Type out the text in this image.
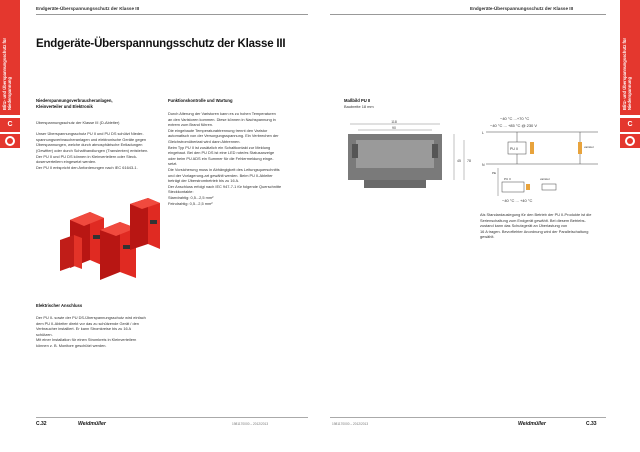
Blitz- und Überspannungsschutz für Niederspannung
C
Endgeräte-Überspannungsschutz der Klasse III
Endgeräte-Überspannungsschutz der Klasse III
Niederspannungsverbraucheranlagen,
Kleinverteiler und Elektronik
Überspannungsschutz der Klasse III (D-Ableiter)
Unser Überspannungsschutz PU II und PU DS schützt Nieder-
spannungsverbraucheranlagen und elektronische Geräte gegen
Überspannungen, welche durch atmosphärische Entladungen
(Gewitter) oder durch Schalthandlungen (Transienten) entstehen.
Der PU II und PU DS können in Kleinverteilern oder Steck-
dosenverteilern eingesetzt werden.
Der PU II entspricht den Anforderungen nach IEC 61643-1.
Elektrischer Anschluss
Der PU II- sowie der PU DS-Überspannungsschutz wird einfach
dem PU II-Ableiter direkt vor das zu schützende Gerät / den
Verbraucher installiert. Er kann Stromkreise bis zu 16 A
schützen.
Mit einer Installation für einen Stromkreis in Kleinverteilern
können z. B. Monitore geschützt werden.
Funktionskontrolle und Wartung
Durch Alterung der Varistoren kann es zu hohen Temperaturen
an den Varistoren kommen. Diese können in Nachspannung in
extrem zum Brand führen.
Die eingebaute Temperaturabtrennung trennt den Varistor
automatisch von der Versorgungsspannung. Ein Verbrechen der
Gleichstromüberlast wird dann Abtrennen.
Beim Typ PU II ist zusätzlich ein Schaltkontakt zur Meldung
eingebaut. Bei den PU DS ist eine LED rote/es Statusanzeige
oder beim PU ADS ein Summer für die Fehlermeldung einge-
setzt.
Die Vorsicherung muss in Abhängigkeit des Leitungsquerschnitts
und der Vorlagerung-art gewählt werden. Beim PU II-Ableiter
beträgt der Überstrombetrieb bis zu 16 A.
Der Anschluss erfolgt nach IEC 947-7-1 für folgende Querschnitte
Steckkontakte:
Starrdrahtig: 0,5...2,5 mm²
Feindrahtig: 0,5...2,5 mm²
C.32	Weidmüller	1981170000 – 2012/2013
Blitz- und Überspannungsschutz für Niederspannung
C
Endgeräte-Überspannungsschutz der Klasse III
Maßbild PU II
Baubreite 18 mm
118
90
45 78
−40 °C ...+70 °C
−40 °C ... +85 °C @ 230 V
L
N
PU II	varistor
PU II	varistor
−40 °C ... +40 °C
PE
Als Standardauslegung für den Betrieb der PU II-Produkte ist die
Serienschaltung zum Endgerät gewählt. Bei diesem Betriebs-
zustand kann das Schutzgerät an Überlastung von
16 A tragen. Bevorfiehter Anordnung wird der Parallelschaltung
gewählt.
1981170000 – 2012/2013	Weidmüller	C.33
